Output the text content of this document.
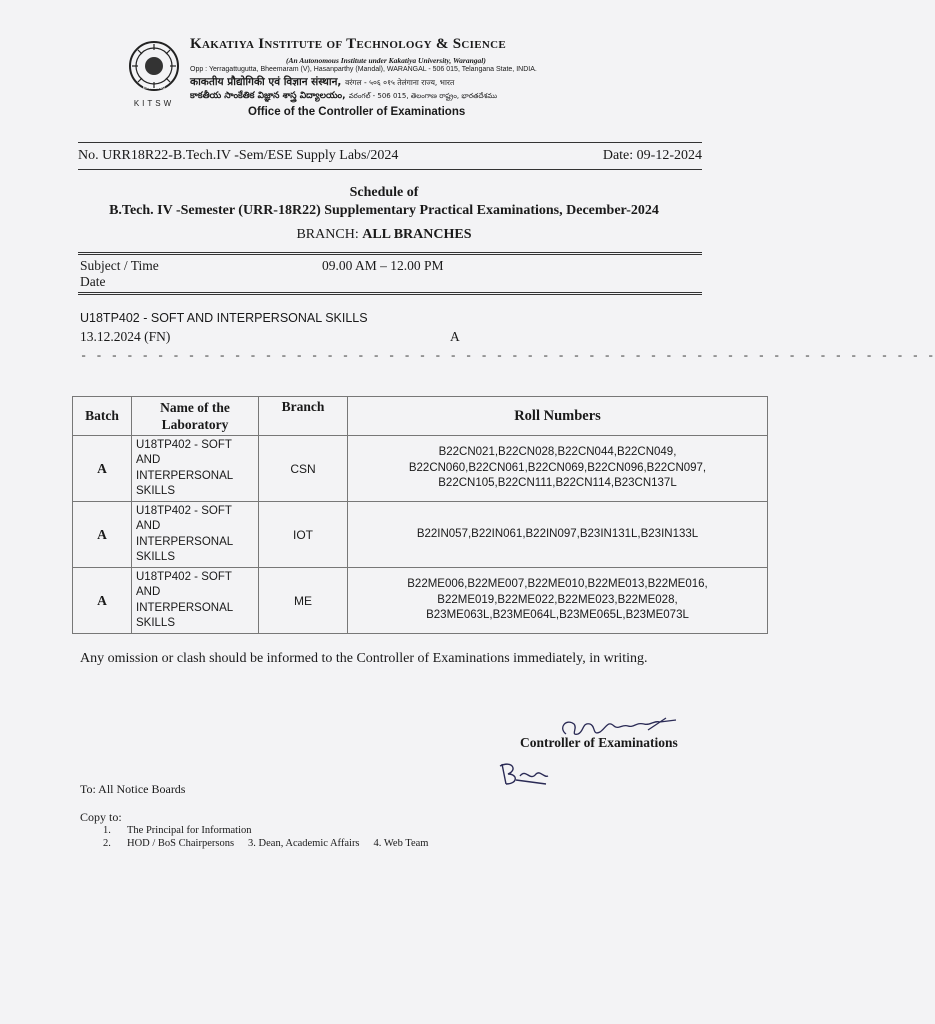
Estd 1980
KITSW
Kakatiya Institute of Technology & Science
(An Autonomous Institute under Kakatiya University, Warangal)
Opp : Yerragattugutta, Bheemaram (V), Hasanparthy (Mandal), WARANGAL - 506 015, Telangana State, INDIA.
काकतीय प्रौद्योगिकी एवं विज्ञान संस्थान, वरंगल - ५०६ ०१५ तेलंगाना राज्य, भारत
కాకతీయ సాంకేతిక విజ్ఞాన శాస్త్ర విద్యాలయం, వరంగల్ - 506 015, తెలంగాణ రాష్ట్రం, భారతదేశము
Office of the Controller of Examinations
No. URR18R22-B.Tech.IV -Sem/ESE Supply Labs/2024	Date: 09-12-2024
Schedule of
B.Tech. IV -Semester (URR-18R22) Supplementary Practical Examinations, December-2024
BRANCH: ALL BRANCHES
Subject / Time
Date
09.00 AM – 12.00 PM
U18TP402 - SOFT AND INTERPERSONAL SKILLS
13.12.2024 (FN)	A
- - - - - - - - - - - - - - - - - - - - - - - - - - - - - - - - - - - - - - - - - - - - - - - - - - - - - - - -
Batch	Name of the Laboratory	Branch	Roll Numbers
A	U18TP402 - SOFT AND INTERPERSONAL SKILLS	CSN	B22CN021,B22CN028,B22CN044,B22CN049, B22CN060,B22CN061,B22CN069,B22CN096,B22CN097, B22CN105,B22CN111,B22CN114,B23CN137L
A	U18TP402 - SOFT AND INTERPERSONAL SKILLS	IOT	B22IN057,B22IN061,B22IN097,B23IN131L,B23IN133L
A	U18TP402 - SOFT AND INTERPERSONAL SKILLS	ME	B22ME006,B22ME007,B22ME010,B22ME013,B22ME016, B22ME019,B22ME022,B22ME023,B22ME028, B23ME063L,B23ME064L,B23ME065L,B23ME073L
Any omission or clash should be informed to the Controller of Examinations immediately, in writing.
Controller of Examinations
To: All Notice Boards
Copy to:
1. The Principal for Information
2. HOD / BoS Chairpersons 3. Dean, Academic Affairs 4. Web Team
